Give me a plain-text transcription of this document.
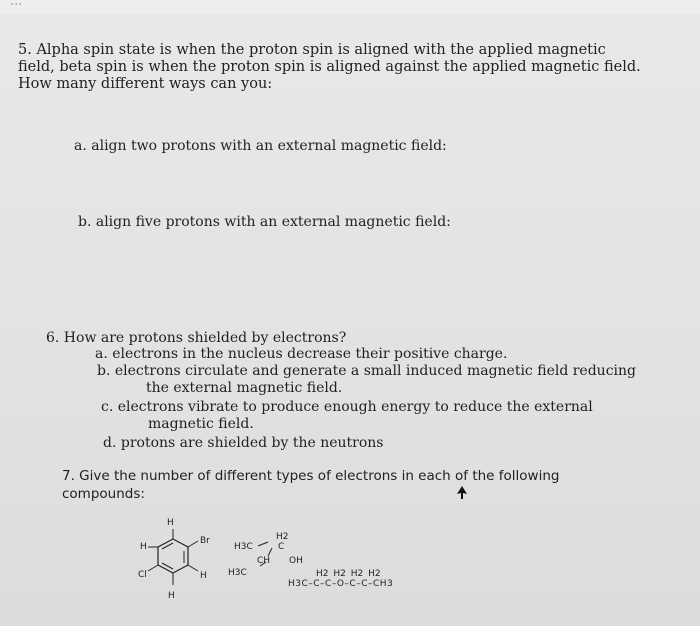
...
5. Alpha spin state is when the proton spin is aligned with the applied magnetic
field, beta spin is when the proton spin is aligned against the applied magnetic field.
How many different ways can you:
a. align two protons with an external magnetic field:
b. align five protons with an external magnetic field:
6. How are protons shielded by electrons?
a. electrons in the nucleus decrease their positive charge.
b. electrons circulate and generate a small induced magnetic field reducing
the external magnetic field.
c. electrons vibrate to produce enough energy to reduce the external
magnetic field.
d. protons are shielded by the neutrons
7. Give the number of different types of electrons in each of the following
compounds:
H
H
Br
Cl	H
H
H2
C
H3C
CH OH
H3C	H2 H2 H2 H2
H3C–C–C–O–C–C–CH3
